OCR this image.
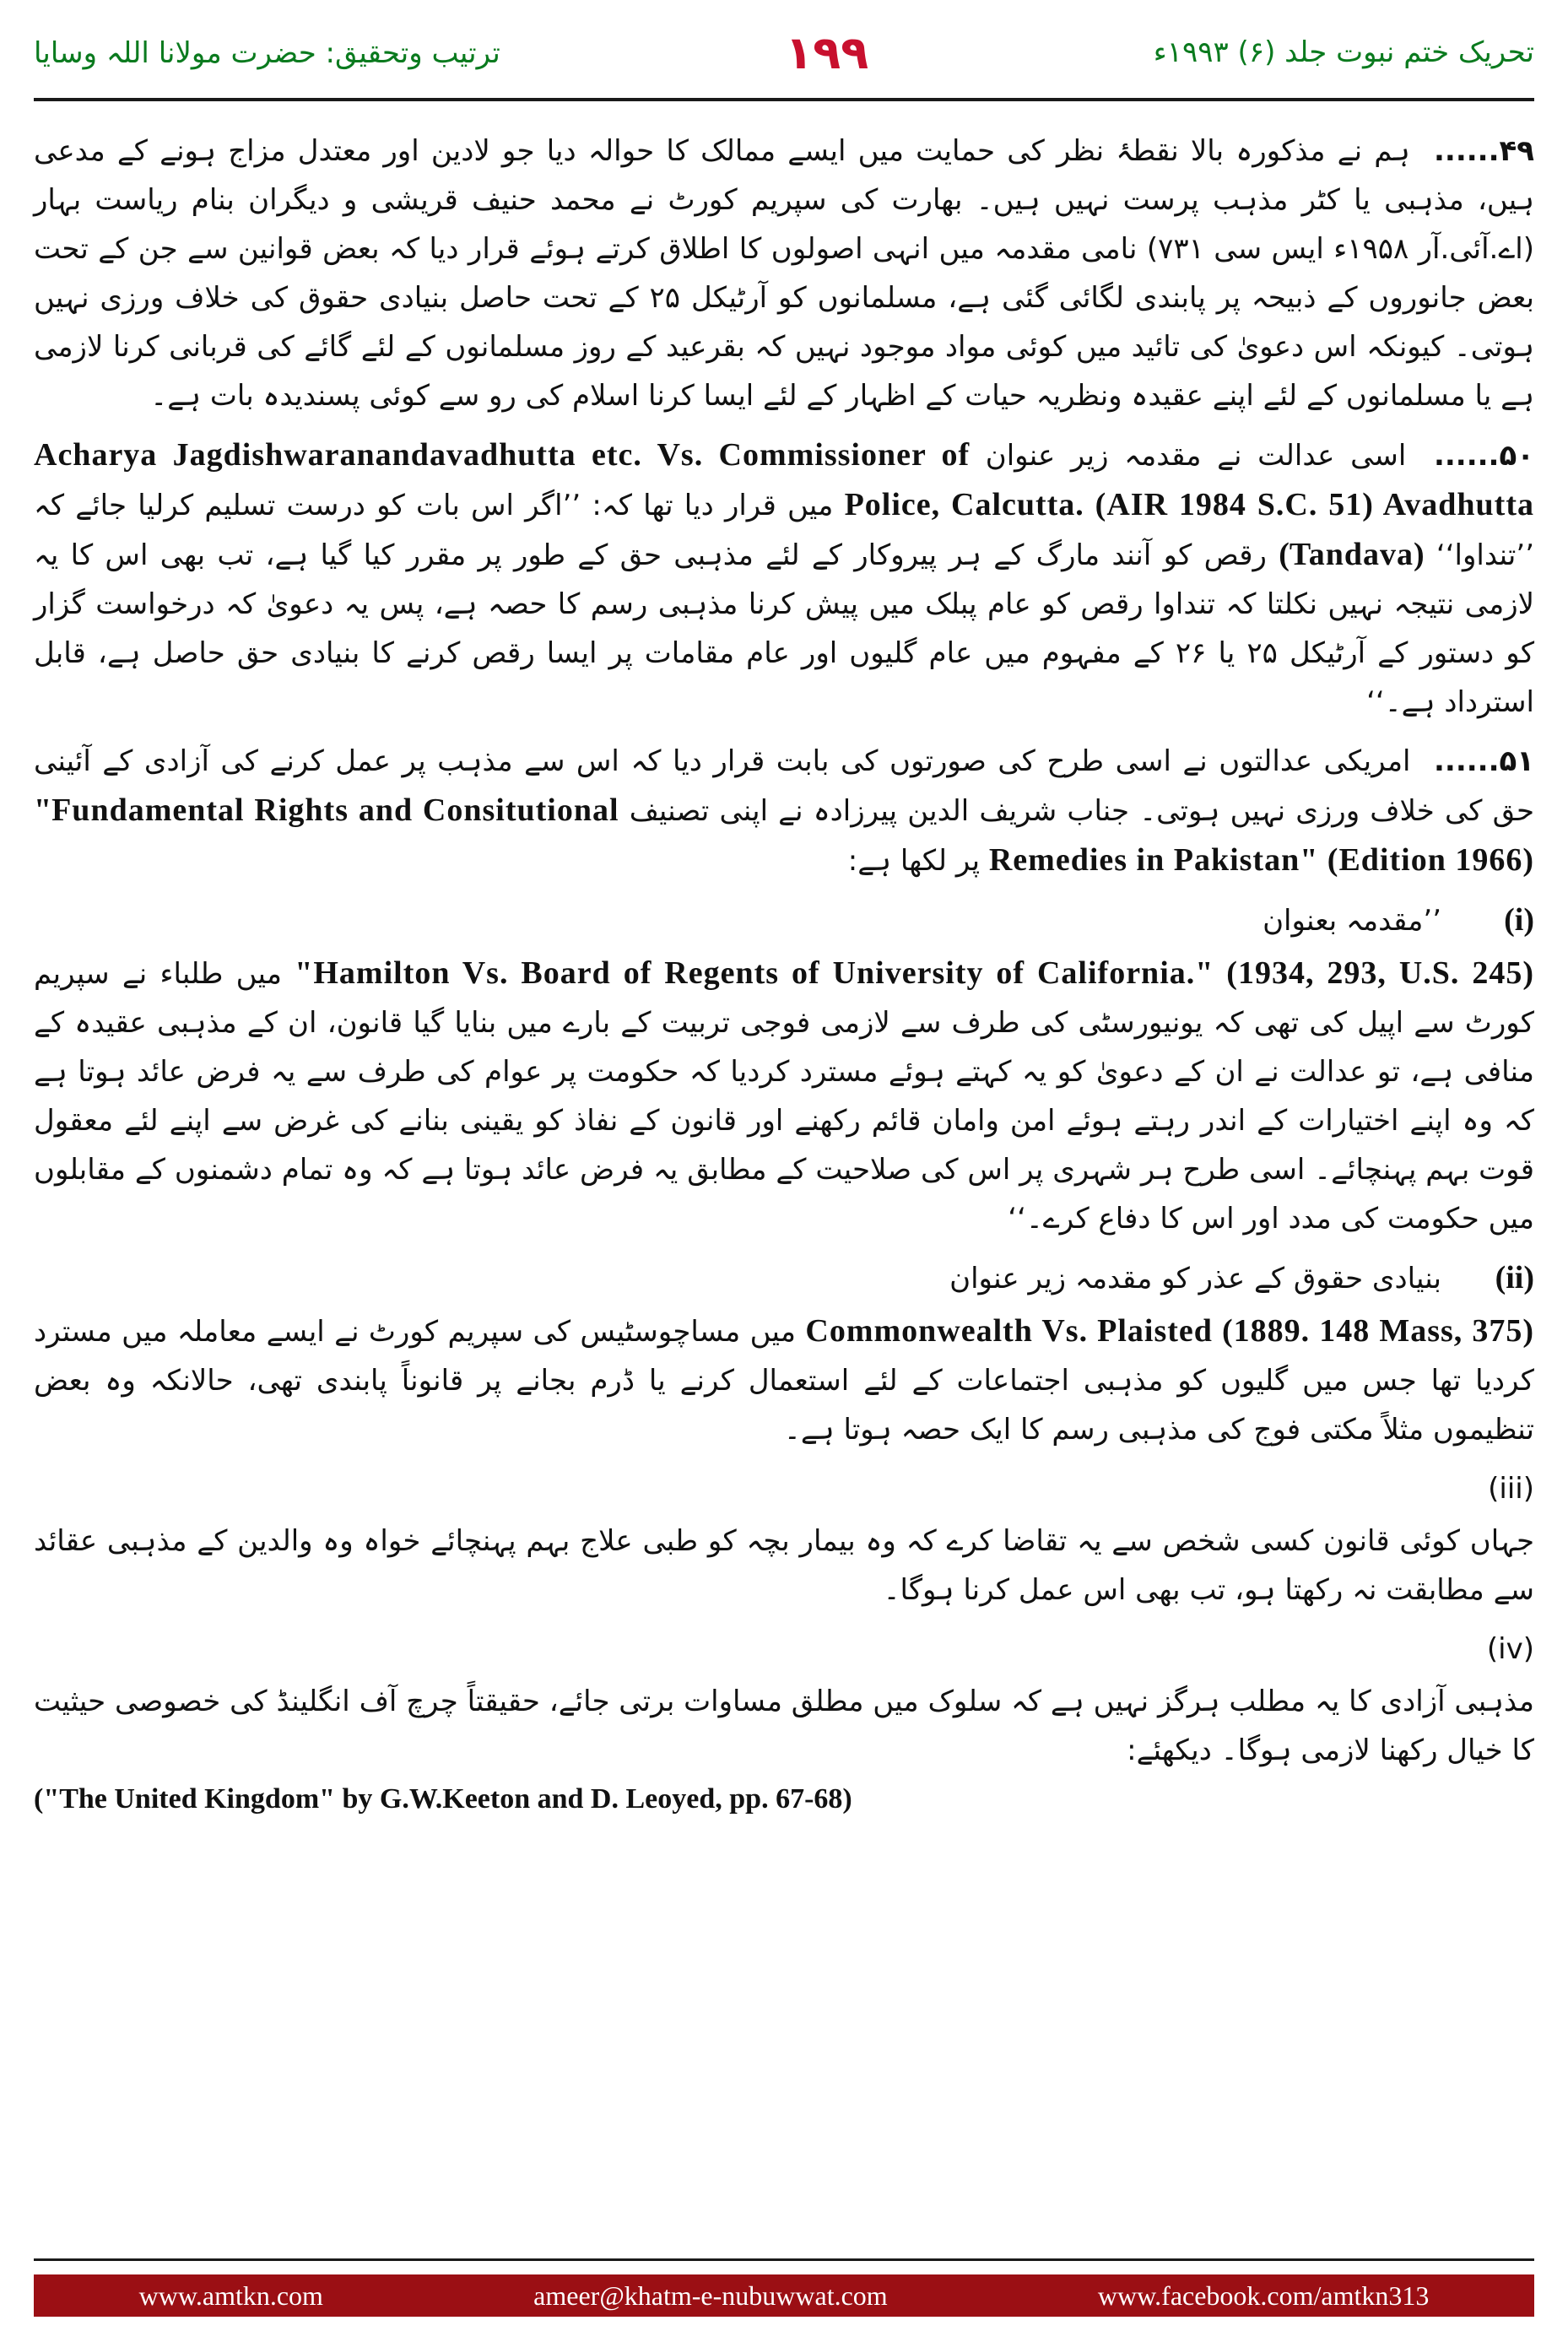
ترتیب وتحقیق: حضرت مولانا اللہ وسایا	۱۹۹	تحریک ختم نبوت جلد (۶) ۱۹۹۳ء

۴۹...... ہم نے مذکورہ بالا نقطۂ نظر کی حمایت میں ایسے ممالک کا حوالہ دیا جو لادین اور معتدل مزاج ہونے کے مدعی ہیں، مذہبی یا کٹر مذہب پرست نہیں ہیں۔ بھارت کی سپریم کورٹ نے محمد حنیف قریشی و دیگران بنام ریاست بہار (اے.آئی.آر ۱۹۵۸ء ایس سی ۷۳۱) نامی مقدمہ میں انہی اصولوں کا اطلاق کرتے ہوئے قرار دیا کہ بعض قوانین سے جن کے تحت بعض جانوروں کے ذبیحہ پر پابندی لگائی گئی ہے، مسلمانوں کو آرٹیکل ۲۵ کے تحت حاصل بنیادی حقوق کی خلاف ورزی نہیں ہوتی۔ کیونکہ اس دعویٰ کی تائید میں کوئی مواد موجود نہیں کہ بقرعید کے روز مسلمانوں کے لئے گائے کی قربانی کرنا لازمی ہے یا مسلمانوں کے لئے اپنے عقیدہ ونظریہ حیات کے اظہار کے لئے ایسا کرنا اسلام کی رو سے کوئی پسندیدہ بات ہے۔

۵۰...... اسی عدالت نے مقدمہ زیر عنوان Acharya Jagdishwaranandavadhutta etc. Vs. Commissioner of Police, Calcutta. (AIR 1984 S.C. 51) Avadhutta میں قرار دیا تھا کہ: ’’اگر اس بات کو درست تسلیم کرلیا جائے کہ ’’تنداوا‘‘ (Tandava) رقص کو آنند مارگ کے ہر پیروکار کے لئے مذہبی حق کے طور پر مقرر کیا گیا ہے، تب بھی اس کا یہ لازمی نتیجہ نہیں نکلتا کہ تنداوا رقص کو عام پبلک میں پیش کرنا مذہبی رسم کا حصہ ہے، پس یہ دعویٰ کہ درخواست گزار کو دستور کے آرٹیکل ۲۵ یا ۲۶ کے مفہوم میں عام گلیوں اور عام مقامات پر ایسا رقص کرنے کا بنیادی حق حاصل ہے، قابل استرداد ہے۔‘‘

۵۱...... امریکی عدالتوں نے اسی طرح کی صورتوں کی بابت قرار دیا کہ اس سے مذہب پر عمل کرنے کی آزادی کے آئینی حق کی خلاف ورزی نہیں ہوتی۔ جناب شریف الدین پیرزادہ نے اپنی تصنیف "Fundamental Rights and Consitutional Remedies in Pakistan" (Edition 1966) پر لکھا ہے:

(i)
’’مقدمہ بعنوان
"Hamilton Vs. Board of Regents of University of California." (1934, 293, U.S. 245) میں طلباء نے سپریم کورٹ سے اپیل کی تھی کہ یونیورسٹی کی طرف سے لازمی فوجی تربیت کے بارے میں بنایا گیا قانون، ان کے مذہبی عقیدہ کے منافی ہے، تو عدالت نے ان کے دعویٰ کو یہ کہتے ہوئے مسترد کردیا کہ حکومت پر عوام کی طرف سے یہ فرض عائد ہوتا ہے کہ وہ اپنے اختیارات کے اندر رہتے ہوئے امن وامان قائم رکھنے اور قانون کے نفاذ کو یقینی بنانے کی غرض سے اپنے لئے معقول قوت بہم پہنچائے۔ اسی طرح ہر شہری پر اس کی صلاحیت کے مطابق یہ فرض عائد ہوتا ہے کہ وہ تمام دشمنوں کے مقابلوں میں حکومت کی مدد اور اس کا دفاع کرے۔‘‘
(ii)
بنیادی حقوق کے عذر کو مقدمہ زیر عنوان
Commonwealth Vs. Plaisted (1889. 148 Mass, 375) میں مساچوسٹیس کی سپریم کورٹ نے ایسے معاملہ میں مسترد کردیا تھا جس میں گلیوں کو مذہبی اجتماعات کے لئے استعمال کرنے یا ڈرم بجانے پر قانوناً پابندی تھی، حالانکہ وہ بعض تنظیموں مثلاً مکتی فوج کی مذہبی رسم کا ایک حصہ ہوتا ہے۔
(iii)
جہاں کوئی قانون کسی شخص سے یہ تقاضا کرے کہ وہ بیمار بچہ کو طبی علاج بہم پہنچائے خواہ وہ والدین کے مذہبی عقائد سے مطابقت نہ رکھتا ہو، تب بھی اس عمل کرنا ہوگا۔
(iv)
مذہبی آزادی کا یہ مطلب ہرگز نہیں ہے کہ سلوک میں مطلق مساوات برتی جائے، حقیقتاً چرچ آف انگلینڈ کی خصوصی حیثیت کا خیال رکھنا لازمی ہوگا۔ دیکھئے:
("The United Kingdom" by G.W.Keeton and D. Leoyed, pp. 67-68)
www.amtkn.com	ameer@khatm-e-nubuwwat.com	www.facebook.com/amtkn313
